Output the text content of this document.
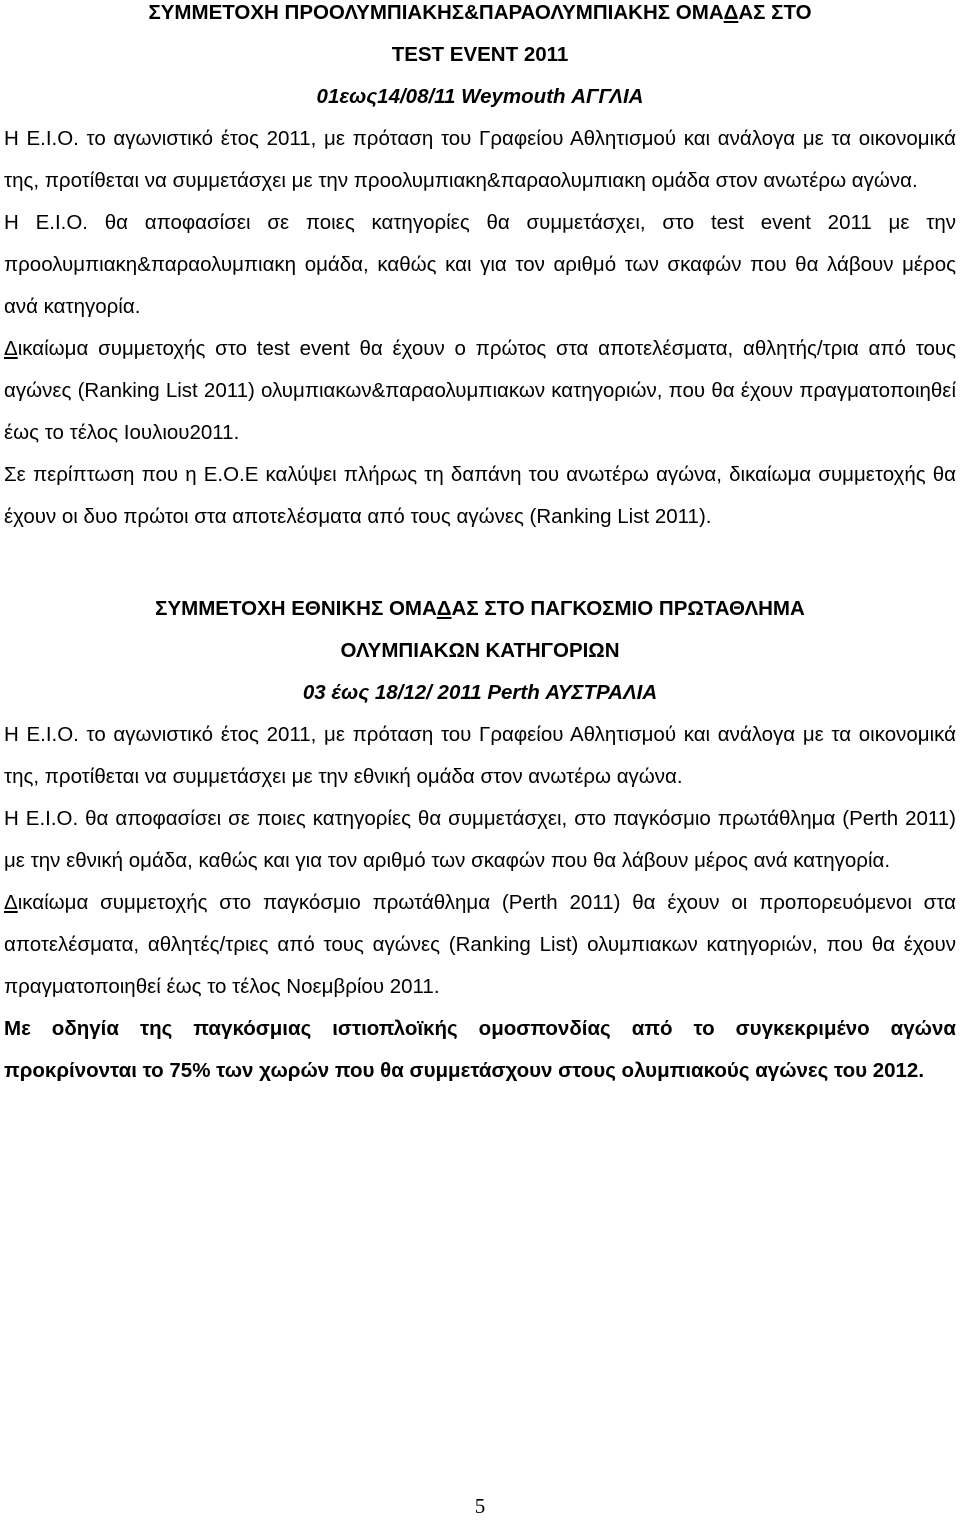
ΣΥΜΜΕΤΟΧΗ ΠΡΟΟΛΥΜΠΙΑΚΗΣ&ΠΑΡΑΟΛΥΜΠΙΑΚΗΣ ΟΜΑΔΑΣ ΣΤΟ
TEST EVENT 2011
01εως14/08/11 Weymouth ΑΓΓΛΙΑ

Η Ε.Ι.Ο. το αγωνιστικό έτος 2011, με πρόταση του Γραφείου Αθλητισμού και ανάλογα με τα οικονομικά της, προτίθεται να συμμετάσχει με την προολυμπιακη&παραολυμπιακη ομάδα στον ανωτέρω αγώνα.

Η Ε.Ι.Ο. θα αποφασίσει σε ποιες κατηγορίες θα συμμετάσχει, στο test event 2011 με την προολυμπιακη&παραολυμπιακη ομάδα, καθώς και για τον αριθμό των σκαφών που θα λάβουν μέρος ανά κατηγορία.

Δικαίωμα συμμετοχής στο test event θα έχουν ο πρώτος στα αποτελέσματα, αθλητής/τρια από τους αγώνες (Ranking List 2011) ολυμπιακων&παραολυμπιακων κατηγοριών, που θα έχουν πραγματοποιηθεί έως το τέλος Ιουλιου2011.

Σε περίπτωση που η Ε.Ο.Ε καλύψει πλήρως τη δαπάνη του ανωτέρω αγώνα, δικαίωμα συμμετοχής θα έχουν οι δυο πρώτοι στα αποτελέσματα από τους αγώνες (Ranking List 2011).

ΣΥΜΜΕΤΟΧΗ ΕΘΝΙΚΗΣ ΟΜΑΔΑΣ ΣΤΟ ΠΑΓΚΟΣΜΙΟ ΠΡΩΤΑΘΛΗΜΑ
ΟΛΥΜΠΙΑΚΩΝ ΚΑΤΗΓΟΡΙΩΝ
03 έως 18/12/ 2011 Perth ΑΥΣΤΡΑΛΙΑ

Η Ε.Ι.Ο. το αγωνιστικό έτος 2011, με πρόταση του Γραφείου Αθλητισμού και ανάλογα με τα οικονομικά της, προτίθεται να συμμετάσχει με την εθνική ομάδα στον ανωτέρω αγώνα.

Η Ε.Ι.Ο. θα αποφασίσει σε ποιες κατηγορίες θα συμμετάσχει, στο παγκόσμιο πρωτάθλημα (Perth 2011) με την εθνική ομάδα, καθώς και για τον αριθμό των σκαφών που θα λάβουν μέρος ανά κατηγορία.

Δικαίωμα συμμετοχής στο παγκόσμιο πρωτάθλημα (Perth 2011) θα έχουν οι προπορευόμενοι στα αποτελέσματα, αθλητές/τριες από τους αγώνες (Ranking List) ολυμπιακων κατηγοριών, που θα έχουν πραγματοποιηθεί έως το τέλος Νοεμβρίου 2011.

Με οδηγία της παγκόσμιας ιστιοπλοϊκής ομοσπονδίας από το συγκεκριμένο αγώνα προκρίνονται το 75% των χωρών που θα συμμετάσχουν στους ολυμπιακούς αγώνες του 2012.

5
